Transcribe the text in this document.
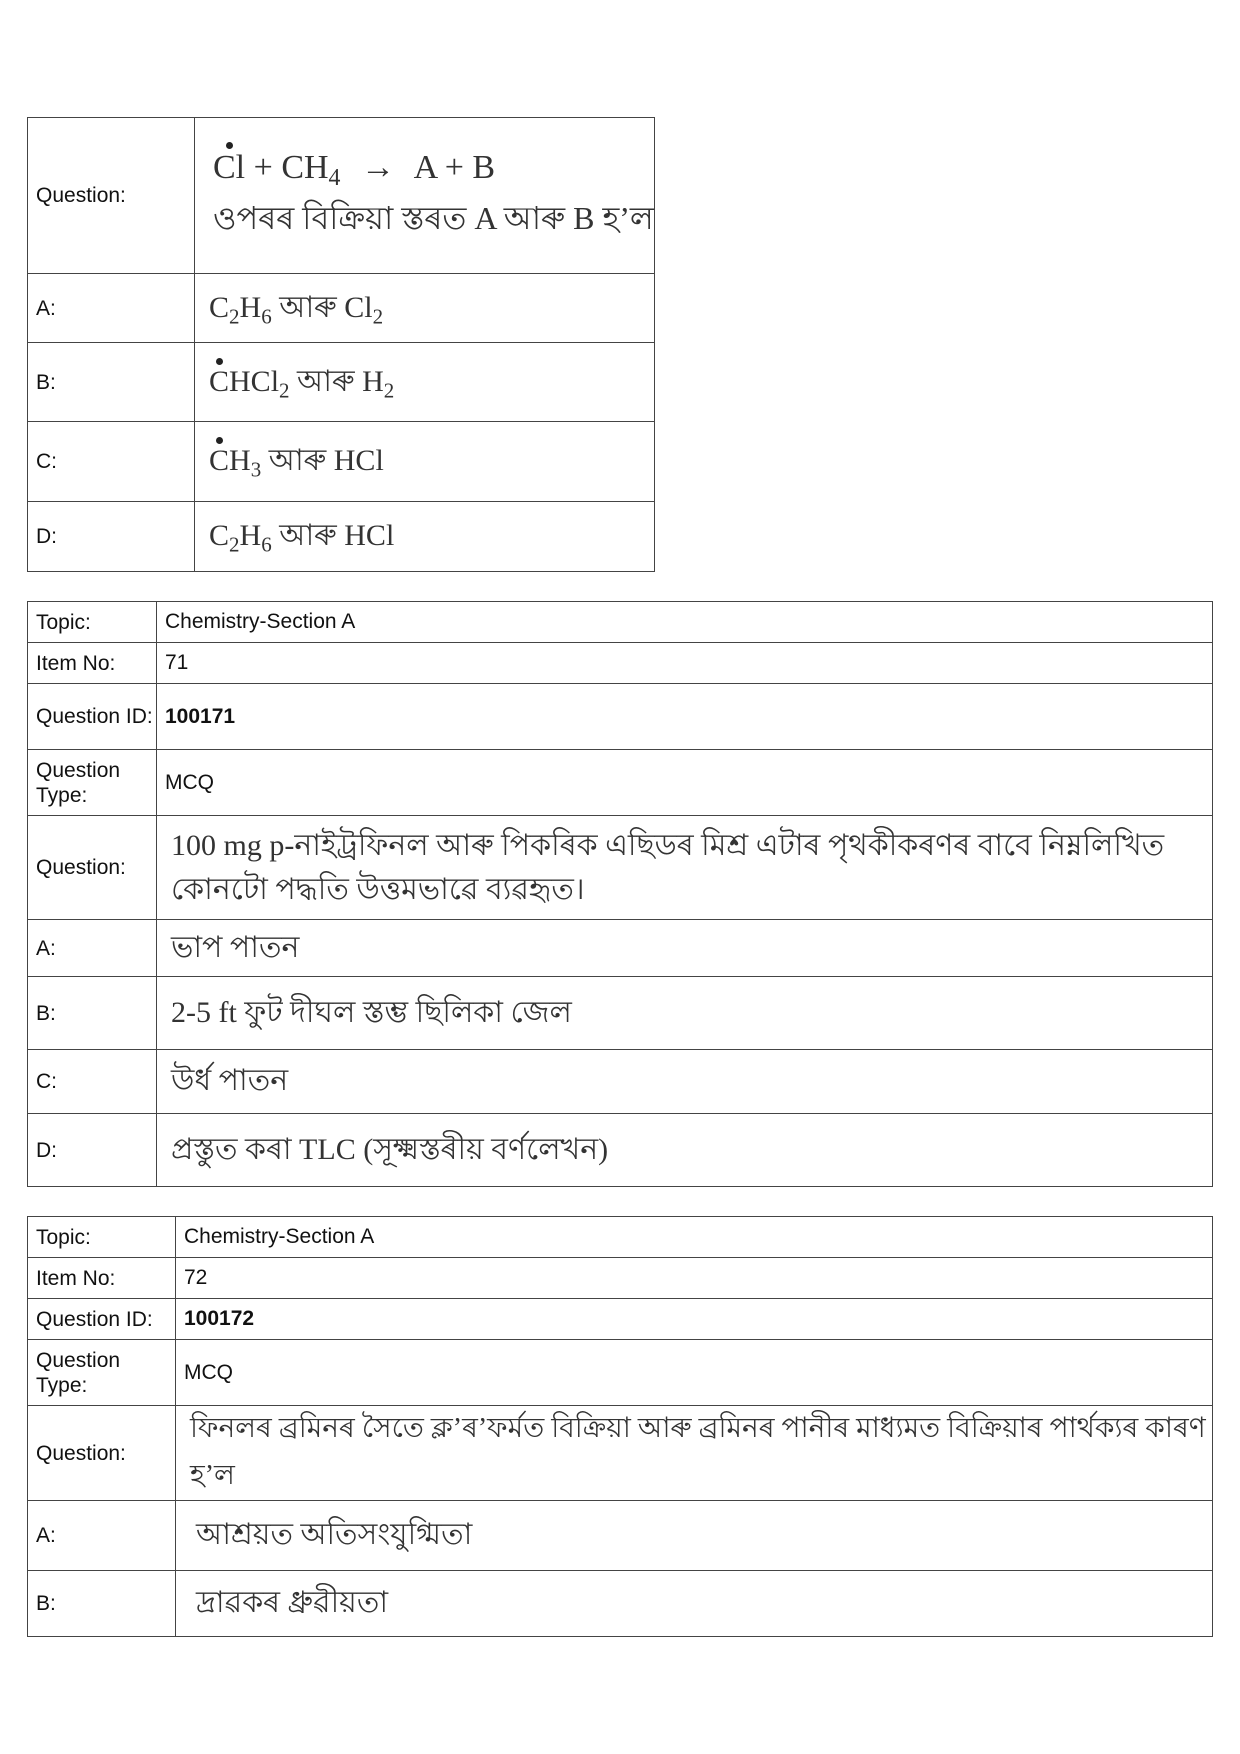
Question:	$Cl + CH_4 \to A + B$
ওপৰৰ বিক্ৰিয়া স্তৰত A আৰু B হ’ল

A:	$C_2H_6$ আৰু $Cl_2$
B:	CHCl$_2$ আৰু $H_2$
C:	$CH_3$ আৰু HCl
D:	$C_2H_6$ আৰু HCl
Topic:	Chemistry-Section A
Item No:	71
Question ID:	100171
Question Type:	MCQ
Question:	100 mg p-নাইট্ৰফিনল আৰু পিকৰিক এছিডৰ মিশ্ৰ এটাৰ পৃথকীকৰণৰ বাবে নিম্নলিখিত কোনটো পদ্ধতি উত্তমভাৱে ব্যৱহৃত।
A:	ভাপ পাতন
B:	2-5 ft ফুট দীঘল স্তম্ভ ছিলিকা জেল
C:	উৰ্ধ পাতন
D:	প্ৰস্তুত কৰা TLC (সূক্ষ্মস্তৰীয় বৰ্ণলেখন)
Topic:	Chemistry-Section A
Item No:	72
Question ID:	100172
Question Type:	MCQ
Question:	ফিনলৰ ব্ৰমিনৰ সৈতে ক্ল’ৰ’ফৰ্মত বিক্ৰিয়া আৰু ব্ৰমিনৰ পানীৰ মাধ্যমত বিক্ৰিয়াৰ পাৰ্থক্যৰ কাৰণ হ’ল
A:	আশ্ৰয়ত অতিসংযুগ্মিতা
B:	দ্ৰাৱকৰ ধ্ৰুৱীয়তা
